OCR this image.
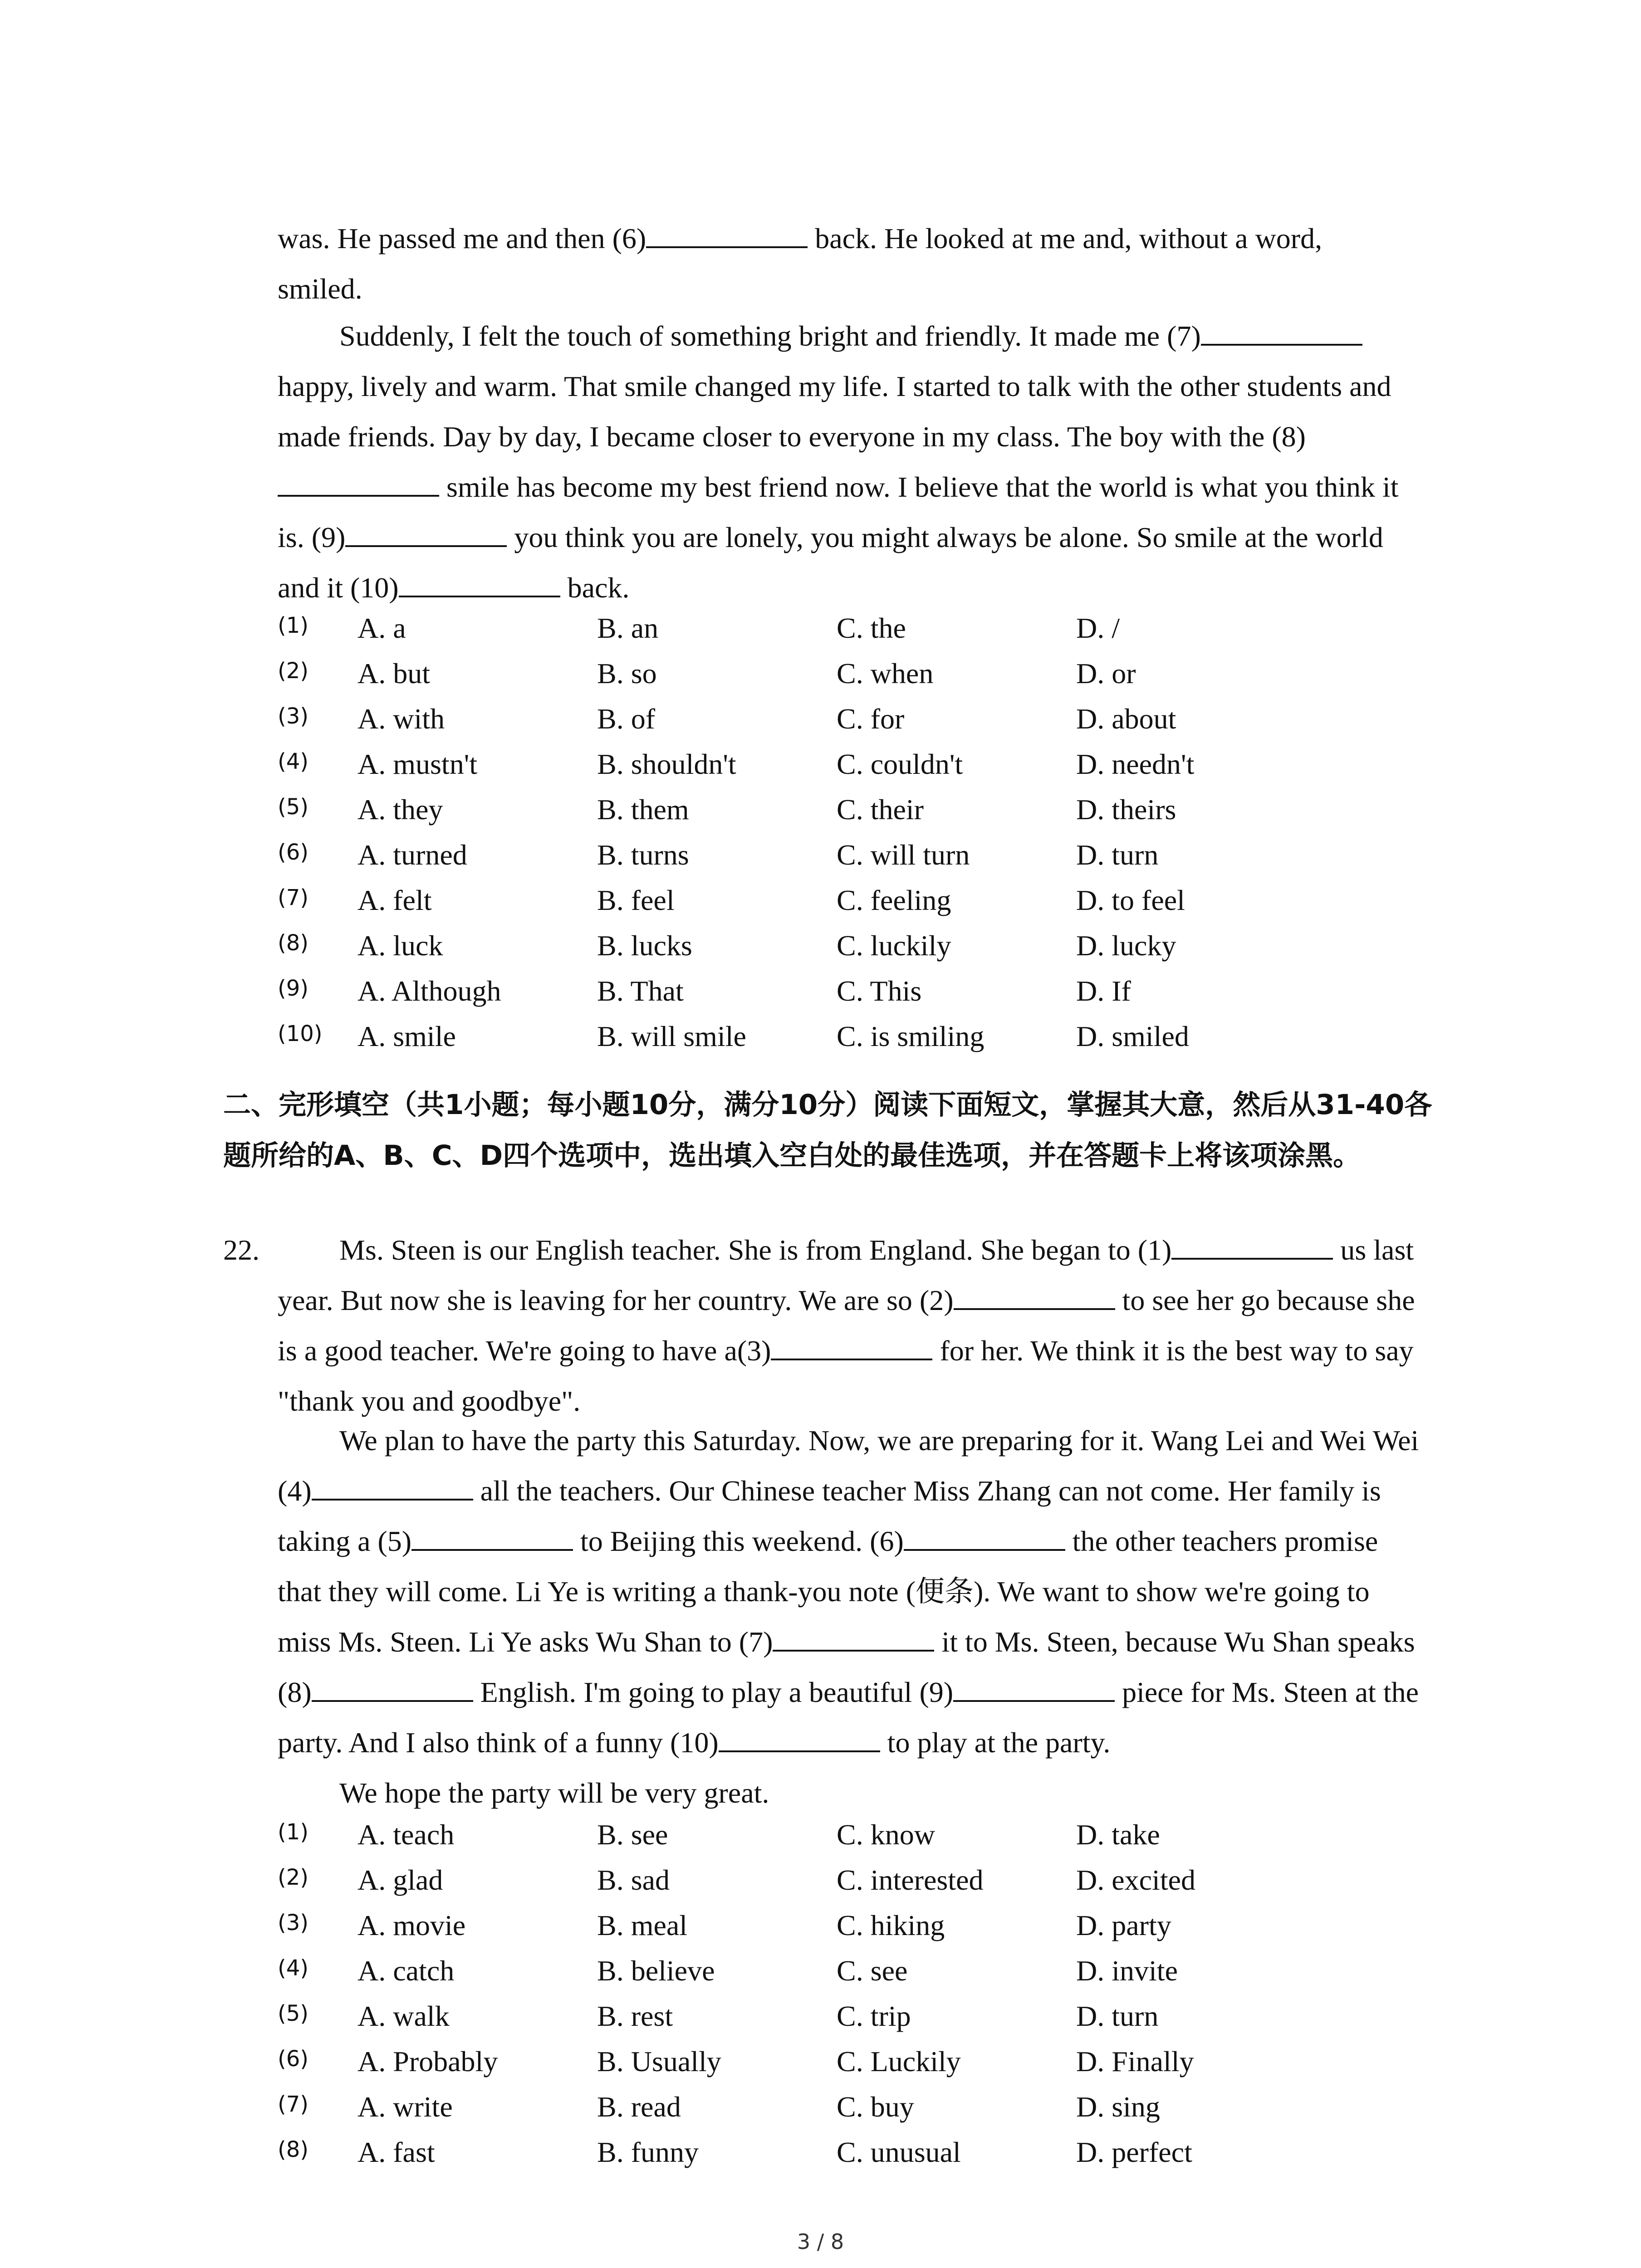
was. He passed me and then (6)	back. He looked at me and, without a word,
smiled.
Suddenly, I felt the touch of something bright and friendly. It made me (7) happy, lively and warm. That smile changed my life. I started to talk with the other students and made friends. Day by day, I became closer to everyone in my class. The boy with the (8) smile has become my best friend now. I believe that the world is what you think it is. (9)	you think you are lonely, you might always be alone. So smile at the world and it (10)	back.
(1) A. a	B. an	C. the	D. /
(2) A. but	B. so	C. when	D. or
(3) A. with	B. of	C. for	D. about
(4) A. mustn't	B. shouldn't	C. couldn't	D. needn't
(5) A. they	B. them	C. their	D. theirs
(6) A. turned	B. turns	C. will turn	D. turn
(7) A. felt	B. feel	C. feeling	D. to feel
(8) A. luck	B. lucks	C. luckily	D. lucky
(9) A. Although	B. That	C. This	D. If
(10) A. smile	B. will smile	C. is smiling	D. smiled
二、完形填空（共1小题；每小题10分，满分10分）阅读下面短文，掌握其大意，然后从31-40各题所给的A、B、C、D四个选项中，选出填入空白处的最佳选项，并在答题卡上将该项涂黑。
22.	Ms. Steen is our English teacher. She is from England. She began to (1)	us last year. But now she is leaving for her country. We are so (2)	to see her go because she is a good teacher. We're going to have a(3)	for her. We think it is the best way to say "thank you and goodbye".
We plan to have the party this Saturday. Now, we are preparing for it. Wang Lei and Wei Wei (4)	all the teachers. Our Chinese teacher Miss Zhang can not come. Her family is taking a (5)	to Beijing this weekend. (6)	the other teachers promise that they will come. Li Ye is writing a thank-you note (便条). We want to show we're going to miss Ms. Steen. Li Ye asks Wu Shan to (7)	it to Ms. Steen, because Wu Shan speaks (8)	English. I'm going to play a beautiful (9)	piece for Ms. Steen at the party. And I also think of a funny (10)	to play at the party.
We hope the party will be very great.
(1) A. teach	B. see	C. know	D. take
(2) A. glad	B. sad	C. interested	D. excited
(3) A. movie	B. meal	C. hiking	D. party
(4) A. catch	B. believe	C. see	D. invite
(5) A. walk	B. rest	C. trip	D. turn
(6) A. Probably	B. Usually	C. Luckily	D. Finally
(7) A. write	B. read	C. buy	D. sing
(8) A. fast	B. funny	C. unusual	D. perfect
3 / 8
